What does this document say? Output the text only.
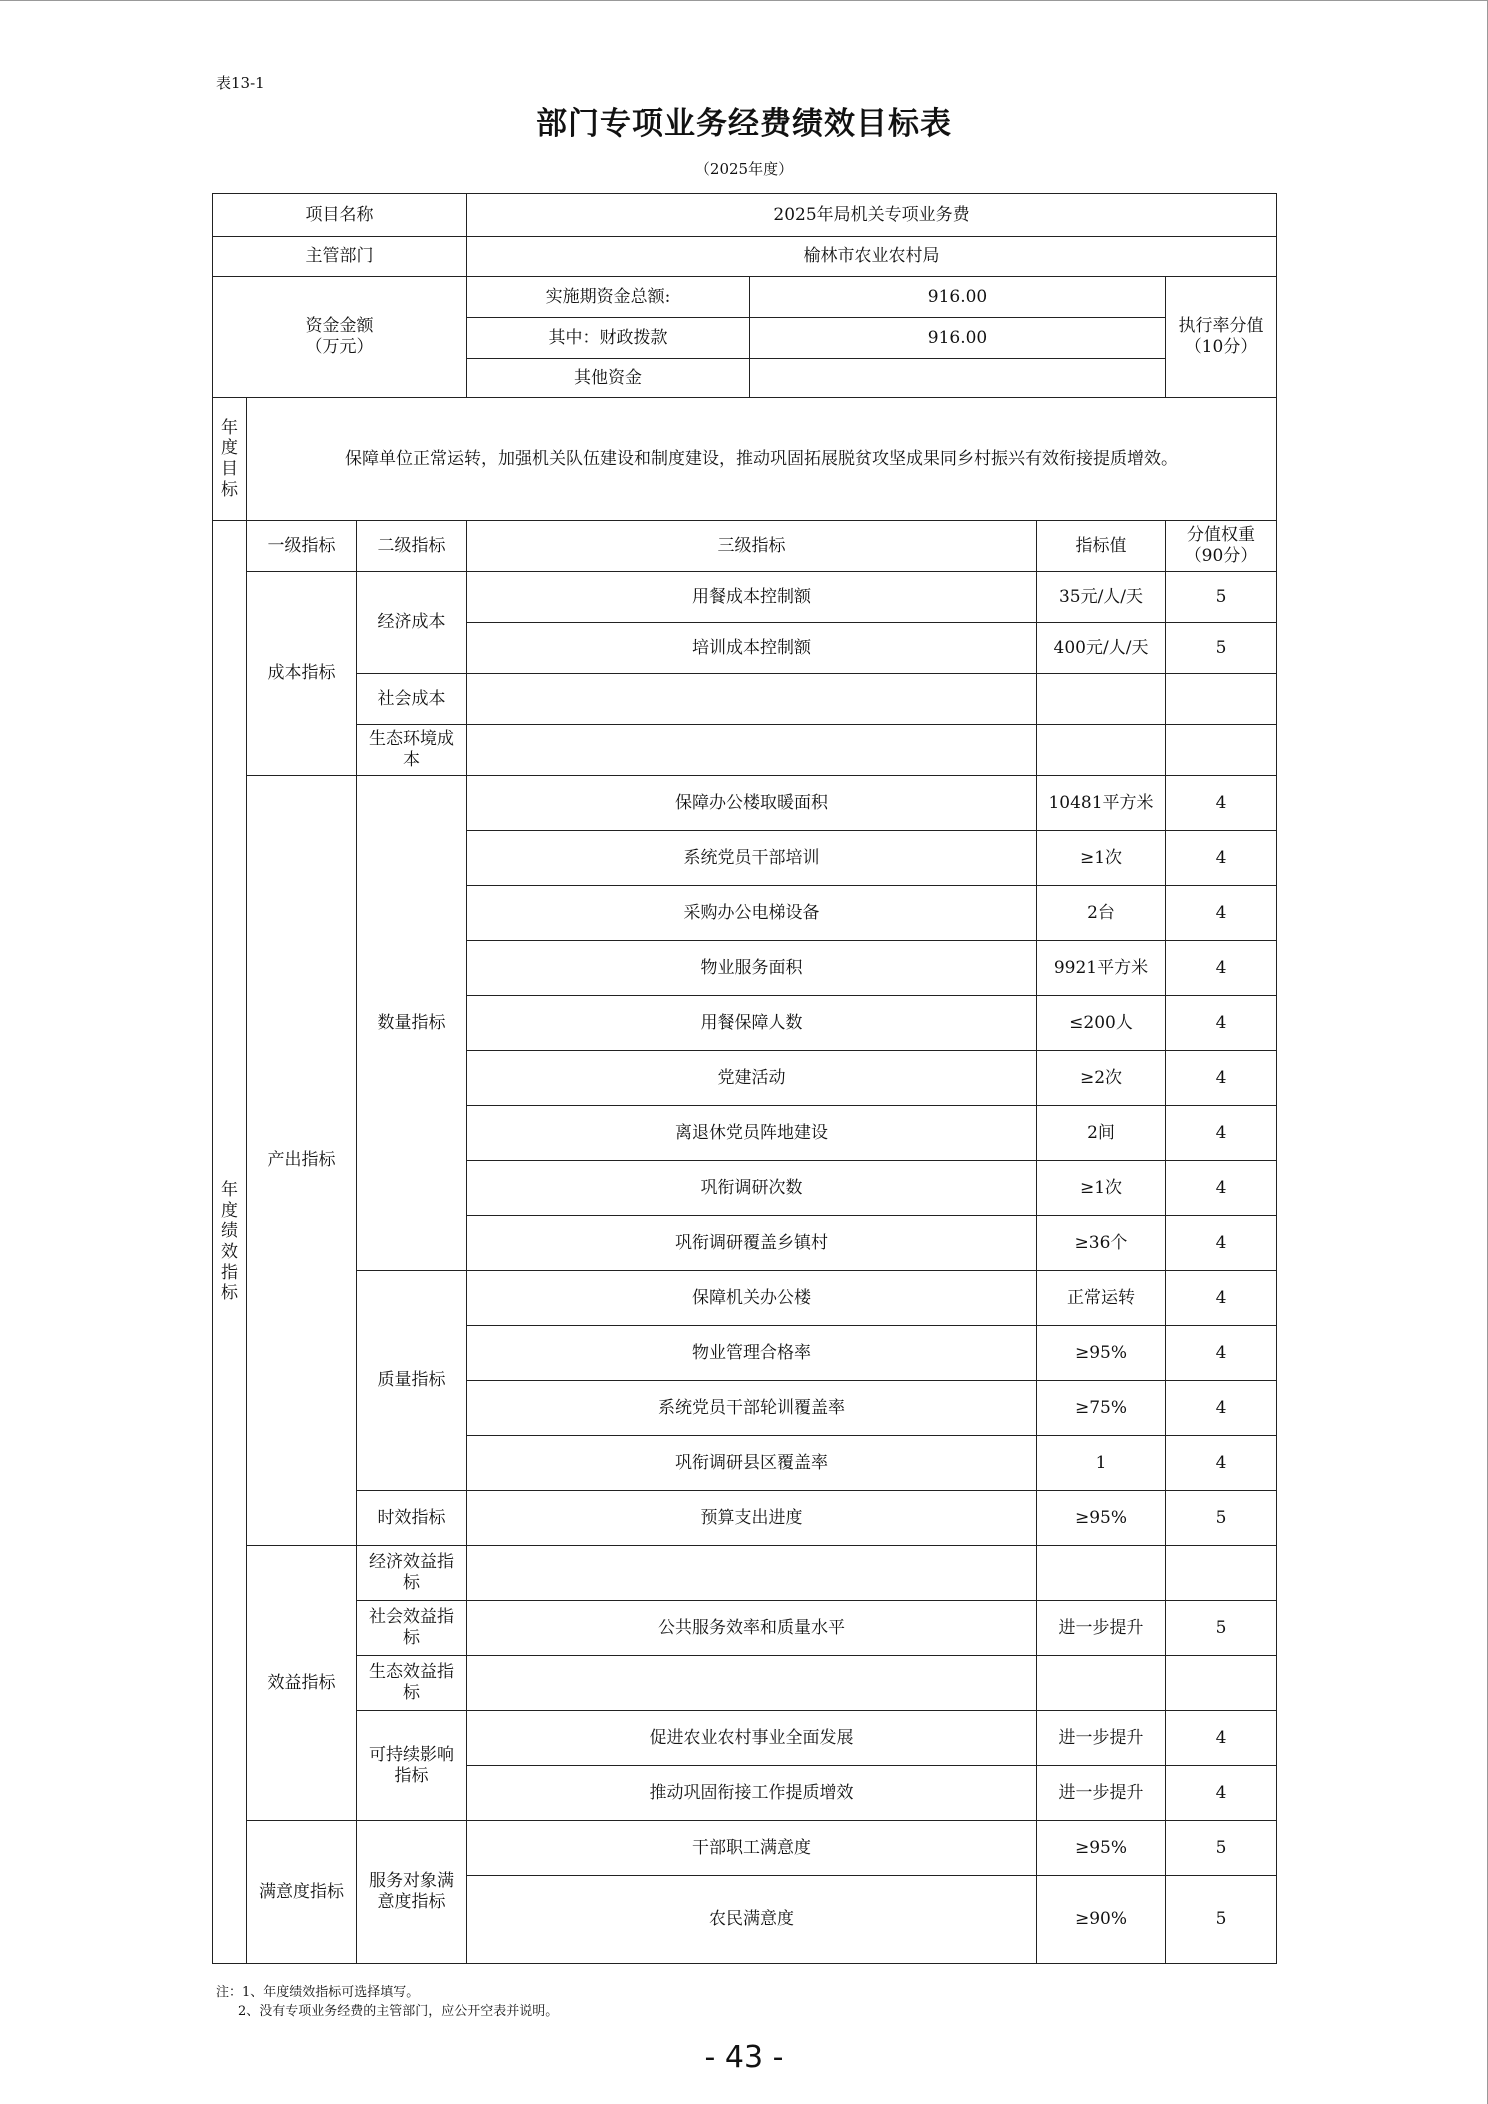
表13-1
部门专项业务经费绩效目标表
（2025年度）
项目名称			2025年局机关专项业务费			
主管部门			榆林市农业农村局			
资金金额
（万元）			实施期资金总额:	916.00		执行率分值
（10分）
			其中：财政拨款	916.00		
			其他资金			
年度目标	保障单位正常运转，加强机关队伍建设和制度建设，推动巩固拓展脱贫攻坚成果同乡村振兴有效衔接提质增效。					
年度绩效指标	一级指标	二级指标	三级指标		指标值	分值权重
（90分）
	成本指标	经济成本	用餐成本控制额		35元/人/天	5
			培训成本控制额		400元/人/天	5
		社会成本				
		生态环境成本				
	产出指标	数量指标	保障办公楼取暖面积		10481平方米	4
			系统党员干部培训		≥1次	4
			采购办公电梯设备		2台	4
			物业服务面积		9921平方米	4
			用餐保障人数		≤200人	4
			党建活动		≥2次	4
			离退休党员阵地建设		2间	4
			巩衔调研次数		≥1次	4
			巩衔调研覆盖乡镇村		≥36个	4
		质量指标	保障机关办公楼		正常运转	4
			物业管理合格率		≥95%	4
			系统党员干部轮训覆盖率		≥75%	4
			巩衔调研县区覆盖率		1	4
		时效指标	预算支出进度		≥95%	5
	效益指标	经济效益指标				
		社会效益指标	公共服务效率和质量水平		进一步提升	5
		生态效益指标				
		可持续影响指标	促进农业农村事业全面发展		进一步提升	4
			推动巩固衔接工作提质增效		进一步提升	4
	满意度指标	服务对象满意度指标	干部职工满意度		≥95%	5
			农民满意度		≥90%	5
注：1、年度绩效指标可选择填写。
2、没有专项业务经费的主管部门，应公开空表并说明。
- 43 -
